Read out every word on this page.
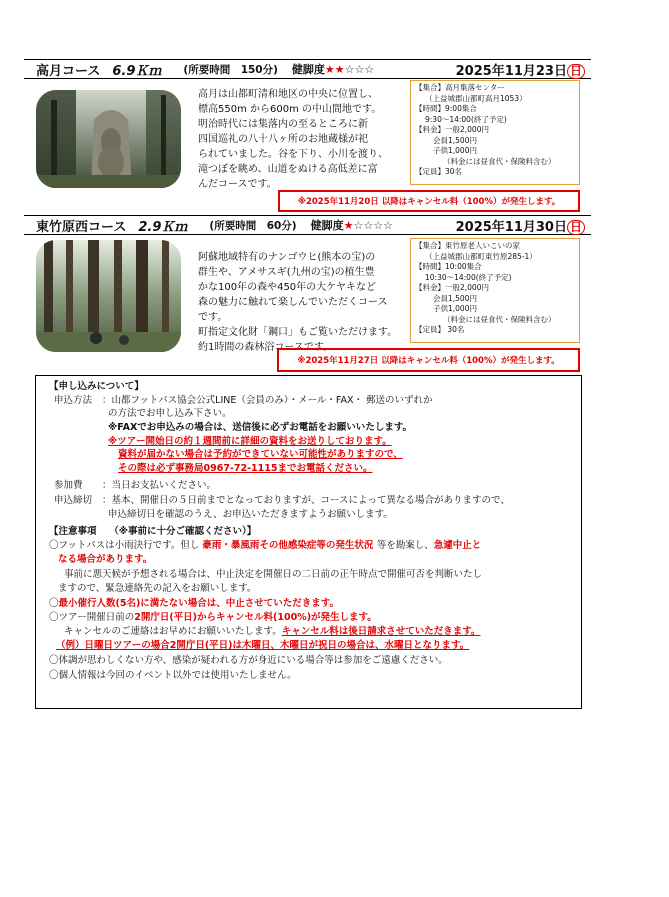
高月コース 6.9Ｋｍ (所要時間　150分) 健脚度★★☆☆☆	2025年11月23日 日
高月は山都町清和地区の中央に位置し、
標高550m から600m の中山間地です。
明治時代には集落内の至るところに新
四国巡礼の八十八ヶ所のお地蔵様が祀
られていました。谷を下り、小川を渡り、
滝つぼを眺め、山道をぬける高低差に富
んだコースです。
【集合】高月集落センター
（上益城郡山都町高月1053）
【時間】9:00集合
9:30～14:00(終了予定)
【料金】一般2,000円
会員1,500円
子供1,000円
（料金には昼食代・保険料含む）
【定員】30名
※2025年11月20日 以降はキャンセル料（100%）が発生します。
東竹原西コース 2.9Ｋｍ (所要時間　60分) 健脚度★☆☆☆☆	2025年11月30日 日
阿蘇地域特有のナンゴウヒ(熊本の宝)の
群生や、アメサスギ(九州の宝)の植生豊
かな100年の森や450年の大ケヤキなど
森の魅力に触れて楽しんでいただくコース
です。
町指定文化財「鋼口」もご覧いただけます。
約1時間の森林浴コースです。
【集合】東竹原老人いこいの家
（上益城郡山都町東竹原285-1）
【時間】10:00集合
10:30～14:00(終了予定)
【料金】一般2,000円
会員1,500円
子供1,000円
（料金には昼食代・保険料含む）
【定員】 30名
※2025年11月27日 以降はキャンセル料（100%）が発生します。
【申し込みについて】
申込方法 ：山都フットパス協会公式LINE（会員のみ）・メール・FAX・ 郵送のいずれか
の方法でお申し込み下さい。
※FAXでお申込みの場合は、送信後に必ずお電話をお願いいたします。
※ツアー開始日の約１週間前に詳細の資料をお送りしております。
資料が届かない場合は予約ができていない可能性がありますので、
その際は必ず事務局0967-72-1115までお電話ください。
参加費 ：当日お支払いください。
申込締切 ：基本、開催日の５日前までとなっておりますが、コースによって異なる場合がありますので、
申込締切日を確認のうえ、お申込いただきますようお願いします。
【注意事項　 （※事前に十分ご確認ください）】
〇フットパスは小雨決行です。但し 豪雨・暴風雨その他感染症等の発生状況 等を勘案し、急遽中止と
なる場合があります。
事前に悪天候が予想される場合は、中止決定を開催日の二日前の正午時点で開催可否を判断いたし
ますので、緊急連絡先の記入をお願いします。
〇最小催行人数(5名)に満たない場合は、中止させていただきます。
〇ツアー開催日前の2開庁日(平日)からキャンセル料(100%)が発生します。
キャンセルのご連絡はお早めにお願いいたします。キャンセル料は後日請求させていただきます。
（例）日曜日ツアーの場合2開庁日(平日)は木曜日、木曜日が祝日の場合は、水曜日となります。
〇体調が思わしくない方や、感染が疑われる方が身近にいる場合等は参加をご遠慮ください。
〇個人情報は今回のイベント以外では使用いたしません。
